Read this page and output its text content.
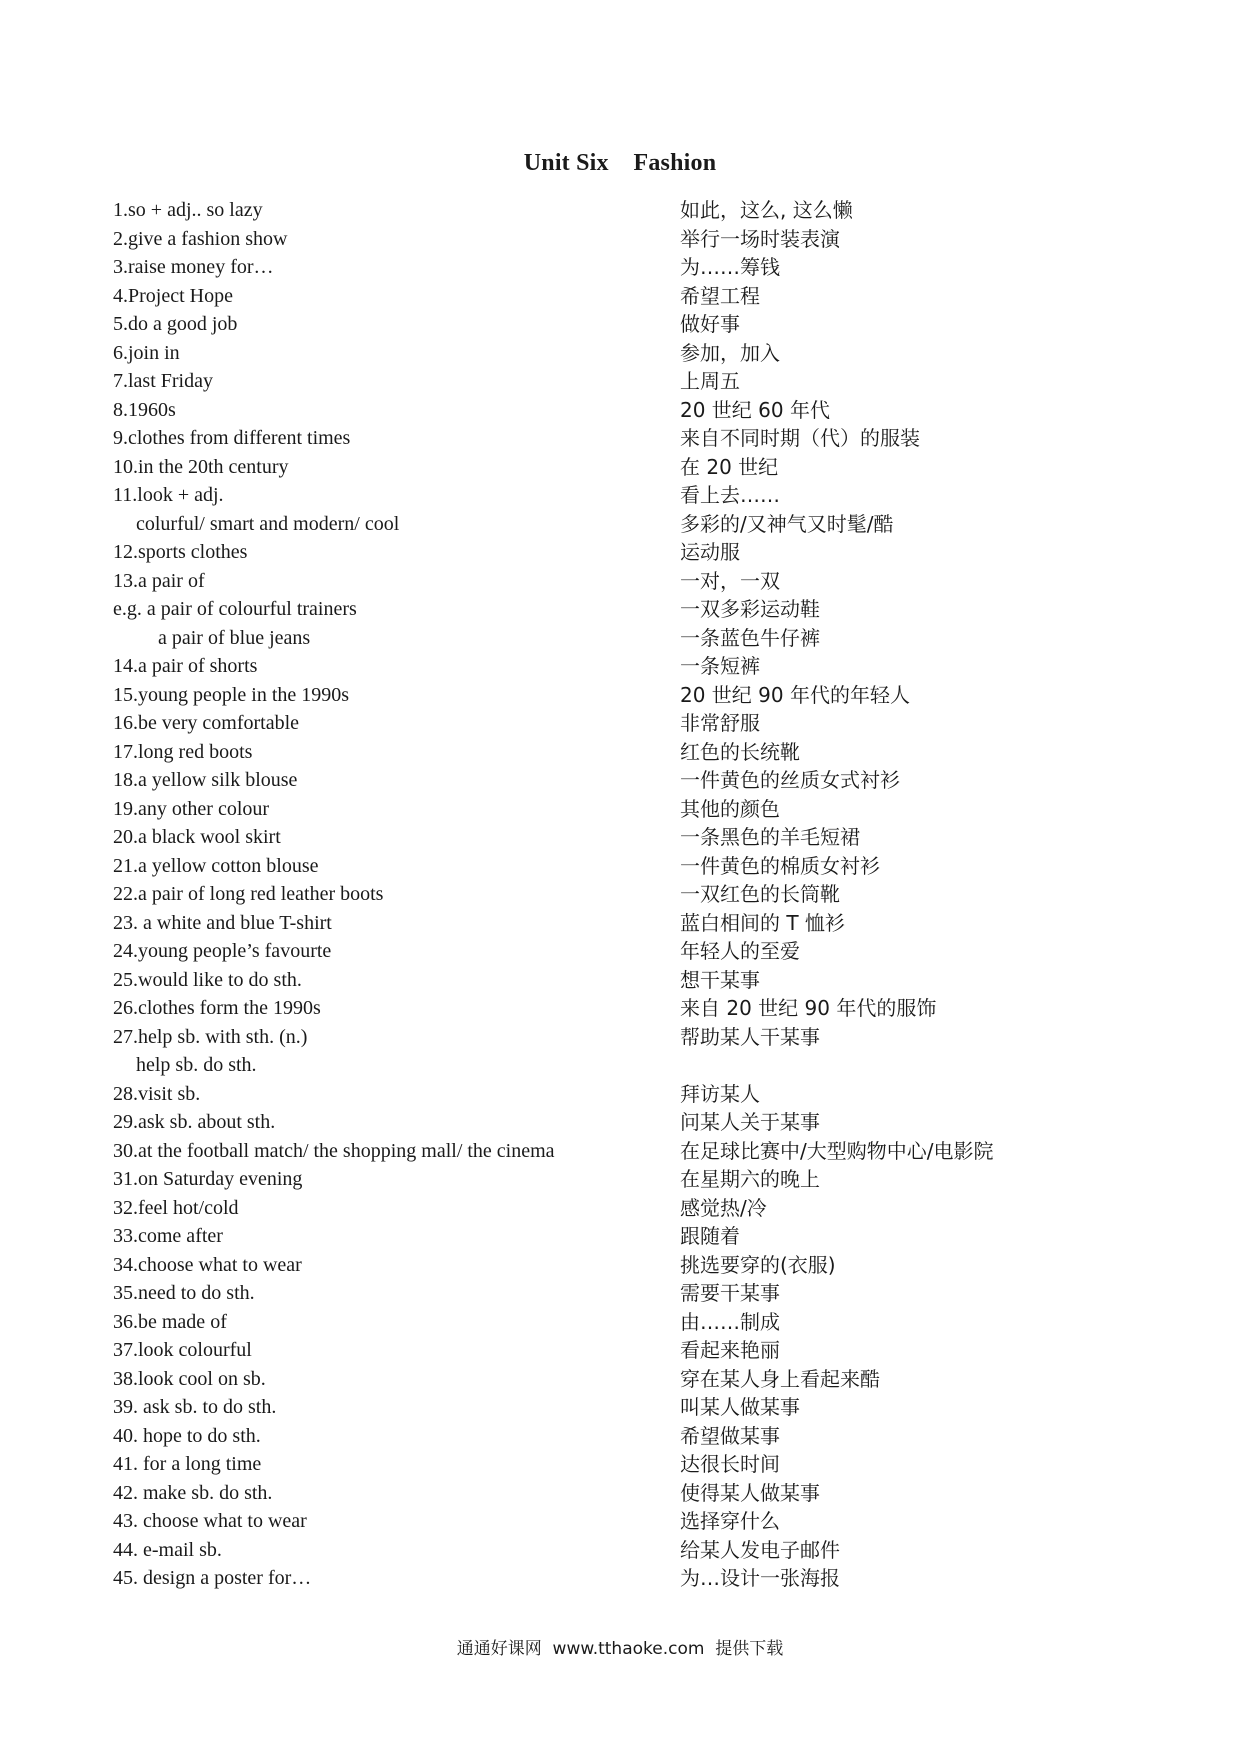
Unit Six    Fashion
1.so + adj.. so lazy	如此，这么, 这么懒
2.give a fashion show	举行一场时装表演
3.raise money for…	为……筹钱
4.Project Hope	希望工程
5.do a good job	做好事
6.join in	参加，加入
7.last Friday	上周五
8.1960s	20 世纪 60 年代
9.clothes from different times	来自不同时期（代）的服装
10.in the 20th century	在 20 世纪
11.look + adj.	看上去……
colurful/ smart and modern/ cool	多彩的/又神气又时髦/酷
12.sports clothes	运动服
13.a pair of	一对，一双
e.g. a pair of colourful trainers	一双多彩运动鞋
a pair of blue jeans	一条蓝色牛仔裤
14.a pair of shorts	一条短裤
15.young people in the 1990s	20 世纪 90 年代的年轻人
16.be very comfortable	非常舒服
17.long red boots	红色的长统靴
18.a yellow silk blouse	一件黄色的丝质女式衬衫
19.any other colour	其他的颜色
20.a black wool skirt	一条黑色的羊毛短裙
21.a yellow cotton blouse	一件黄色的棉质女衬衫
22.a pair of long red leather boots	一双红色的长筒靴
23. a white and blue T-shirt	蓝白相间的 T 恤衫
24.young people’s favourte	年轻人的至爱
25.would like to do sth.	想干某事
26.clothes form the 1990s	来自 20 世纪 90 年代的服饰
27.help sb. with sth. (n.)	帮助某人干某事
help sb. do sth.
28.visit sb.	拜访某人
29.ask sb. about sth.	问某人关于某事
30.at the football match/ the shopping mall/ the cinema	在足球比赛中/大型购物中心/电影院
31.on Saturday evening	在星期六的晚上
32.feel hot/cold	感觉热/冷
33.come after	跟随着
34.choose what to wear	挑选要穿的(衣服)
35.need to do sth.	需要干某事
36.be made of	由……制成
37.look colourful	看起来艳丽
38.look cool on sb.	穿在某人身上看起来酷
39. ask sb. to do sth.	叫某人做某事
40. hope to do sth.	希望做某事
41. for a long time	达很长时间
42. make sb. do sth.	使得某人做某事
43. choose what to wear	选择穿什么
44. e-mail sb.	给某人发电子邮件
45. design a poster for…	为…设计一张海报
通通好课网  www.tthaoke.com  提供下载
